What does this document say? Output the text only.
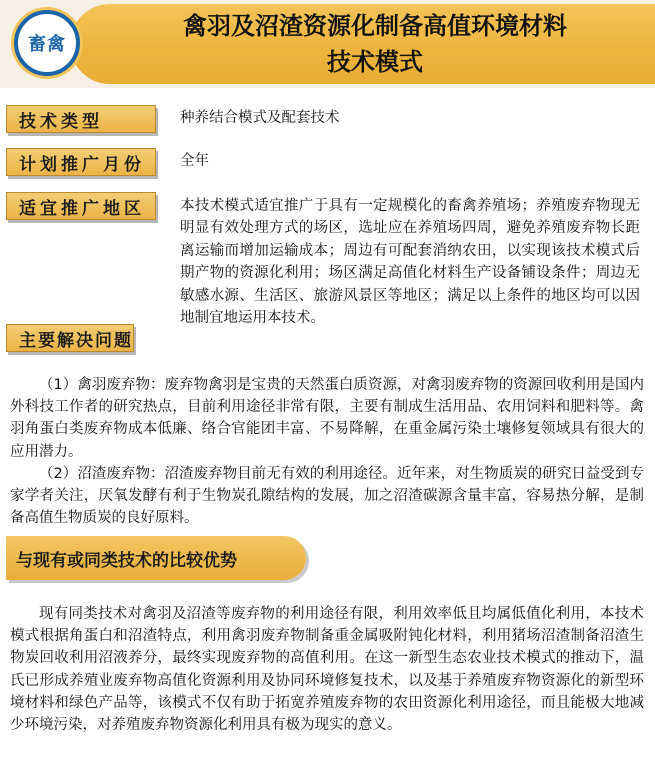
畜禽
禽羽及沼渣资源化制备高值环境材料
技术模式
技术类型	种养结合模式及配套技术
计划推广月份	全年
适宜推广地区	本技术模式适宜推广于具有一定规模化的畜禽养殖场；养殖废弃物现无明显有效处理方式的场区，选址应在养殖场四周，避免养殖废弃物长距离运输而增加运输成本；周边有可配套消纳农田，以实现该技术模式后期产物的资源化利用；场区满足高值化材料生产设备铺设条件；周边无敏感水源、生活区、旅游风景区等地区；满足以上条件的地区均可以因地制宜地运用本技术。
主要解决问题
（1）禽羽废弃物：废弃物禽羽是宝贵的天然蛋白质资源，对禽羽废弃物的资源回收利用是国内外科技工作者的研究热点，目前利用途径非常有限，主要有制成生活用品、农用饲料和肥料等。禽羽角蛋白类废弃物成本低廉、络合官能团丰富、不易降解，在重金属污染土壤修复领域具有很大的应用潜力。
（2）沼渣废弃物：沼渣废弃物目前无有效的利用途径。近年来，对生物质炭的研究日益受到专家学者关注，厌氧发酵有利于生物炭孔隙结构的发展，加之沼渣碳源含量丰富，容易热分解，是制备高值生物质炭的良好原料。
与现有或同类技术的比较优势
现有同类技术对禽羽及沼渣等废弃物的利用途径有限，利用效率低且均属低值化利用，本技术模式根据角蛋白和沼渣特点，利用禽羽废弃物制备重金属吸附钝化材料，利用猪场沼渣制备沼渣生物炭回收利用沼液养分，最终实现废弃物的高值利用。在这一新型生态农业技术模式的推动下，温氏已形成养殖业废弃物高值化资源利用及协同环境修复技术，以及基于养殖废弃物资源化的新型环境材料和绿色产品等，该模式不仅有助于拓宽养殖废弃物的农田资源化利用途径，而且能极大地减少环境污染，对养殖废弃物资源化利用具有极为现实的意义。
